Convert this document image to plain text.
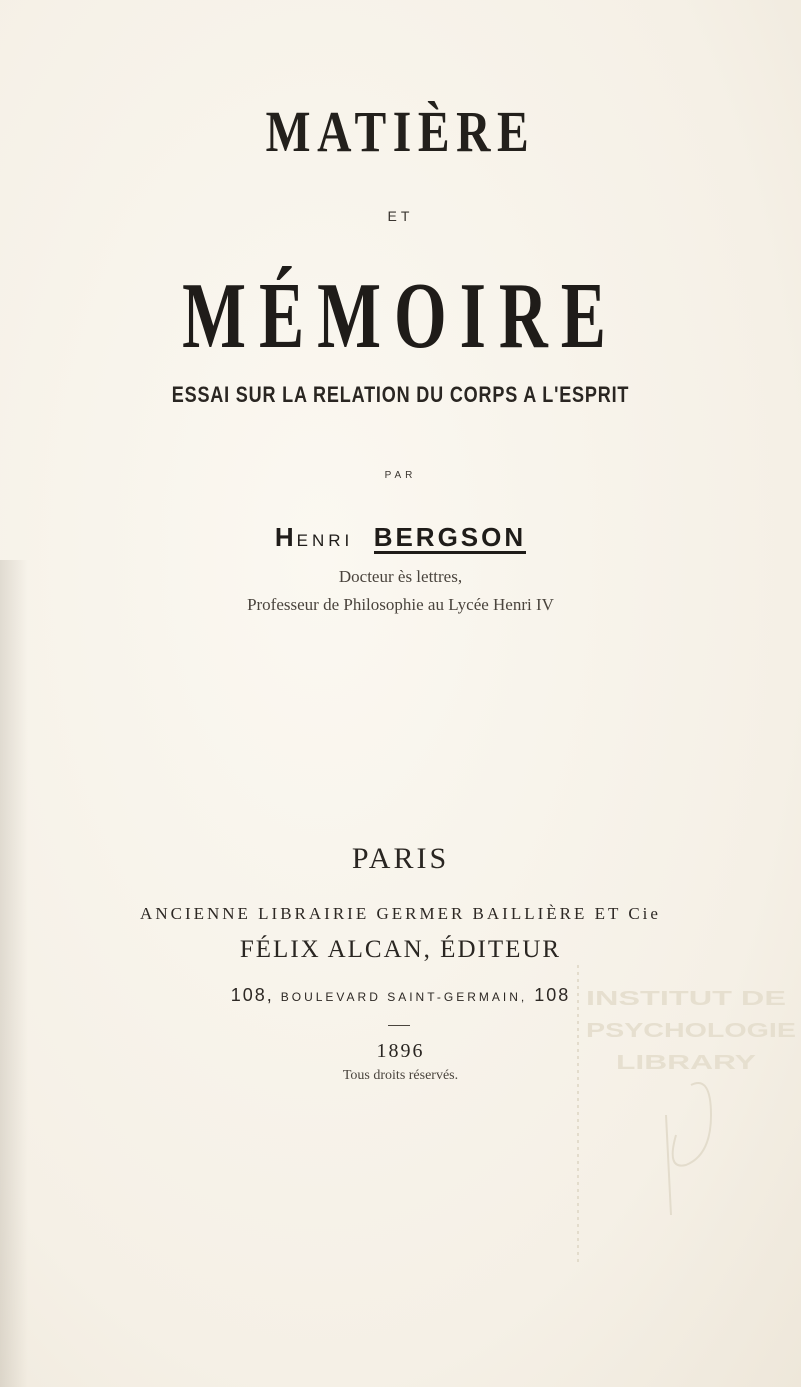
MATIÈRE
ET
MÉMOIRE
ESSAI SUR LA RELATION DU CORPS A L'ESPRIT
PAR
HENRI BERGSON
Docteur ès lettres,
Professeur de Philosophie au Lycée Henri IV
PARIS
ANCIENNE LIBRAIRIE GERMER BAILLIÈRE ET Cie
FÉLIX ALCAN, ÉDITEUR
108, BOULEVARD SAINT-GERMAIN, 108
1896
Tous droits réservés.
INSTITUT DE
PSYCHOLOGIE
LIBRARY
